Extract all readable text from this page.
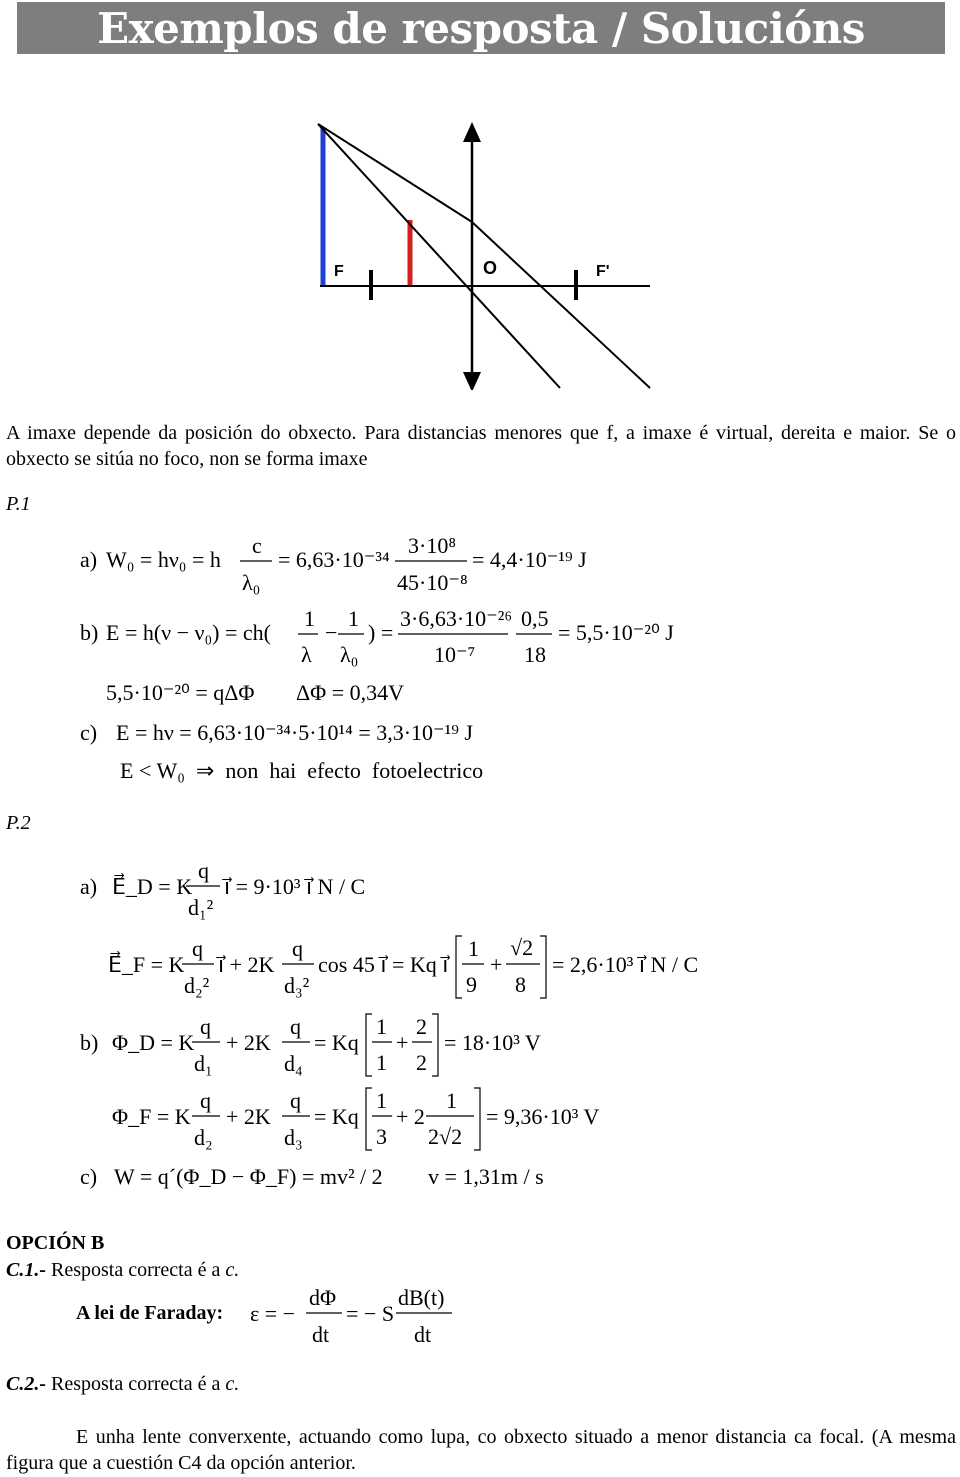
Exemplos de resposta / Solucións
F	O	F'
A imaxe depende da posición do obxecto. Para distancias menores que f, a imaxe é virtual, dereita e maior. Se o obxecto se sitúa no foco, non se forma imaxe
P.1
a) W₀ = hν₀ = h
c
λ₀
= 6,63·10⁻³⁴
3·10⁸
45·10⁻⁸
= 4,4·10⁻¹⁹ J
b) E = h(ν − ν₀) = ch(
1
λ
−
1
λ₀
) =
3·6,63·10⁻²⁶
10⁻⁷
0,5
18
= 5,5·10⁻²⁰ J
5,5·10⁻²⁰ = qΔΦ ΔΦ = 0,34V
c) E = hν = 6,63·10⁻³⁴·5·10¹⁴ = 3,3·10⁻¹⁹ J
E < W₀  ⇒  non  hai  efecto  fotoelectrico
P.2
a) E⃗_D = K
q
d₁²
i⃗ = 9·10³ i⃗ N / C
E⃗_F = K
q
d₂²
i⃗ + 2K
q
d₃²
cos 45 i⃗ = Kq i⃗
1
9
+
√2
8
= 2,6·10³ i⃗ N / C
b) Φ_D = K
q
d₁
+ 2K
q
d₄
= Kq
1
1
+
2
2
= 18·10³ V
Φ_F = K
q
d₂
+ 2K
q
d₃
= Kq
1
3
+ 2
1
2√2
= 9,36·10³ V
c) W = q´(Φ_D − Φ_F) = mv² / 2 v = 1,31m / s
OPCIÓN B
C.1.- Resposta correcta é a c.
A lei de Faraday: ε = −
dΦ
dt
= − S
dB(t)
dt
C.2.- Resposta correcta é a c.
E unha lente converxente, actuando como lupa, co obxecto situado a menor distancia ca focal. (A mesma figura que a cuestión C4 da opción anterior.
